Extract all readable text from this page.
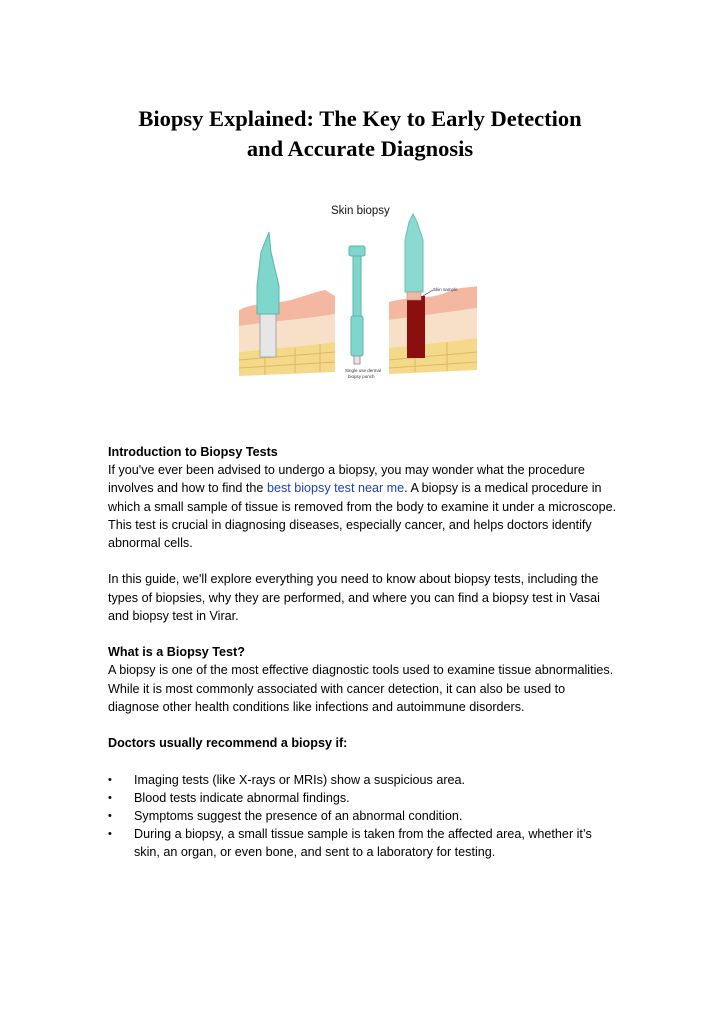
Biopsy Explained: The Key to Early Detection
and Accurate Diagnosis
Skin biopsy
Single use dermal
biopsy punch
Skin sample

Introduction to Biopsy Tests

If you've ever been advised to undergo a biopsy, you may wonder what the procedure involves and how to find the best biopsy test near me. A biopsy is a medical procedure in which a small sample of tissue is removed from the body to examine it under a microscope. This test is crucial in diagnosing diseases, especially cancer, and helps doctors identify abnormal cells.

In this guide, we'll explore everything you need to know about biopsy tests, including the types of biopsies, why they are performed, and where you can find a biopsy test in Vasai and biopsy test in Virar.

What is a Biopsy Test?

A biopsy is one of the most effective diagnostic tools used to examine tissue abnormalities. While it is most commonly associated with cancer detection, it can also be used to diagnose other health conditions like infections and autoimmune disorders.

Doctors usually recommend a biopsy if:

• Imaging tests (like X-rays or MRIs) show a suspicious area.
• Blood tests indicate abnormal findings.
• Symptoms suggest the presence of an abnormal condition.
• During a biopsy, a small tissue sample is taken from the affected area, whether it’s skin, an organ, or even bone, and sent to a laboratory for testing.
